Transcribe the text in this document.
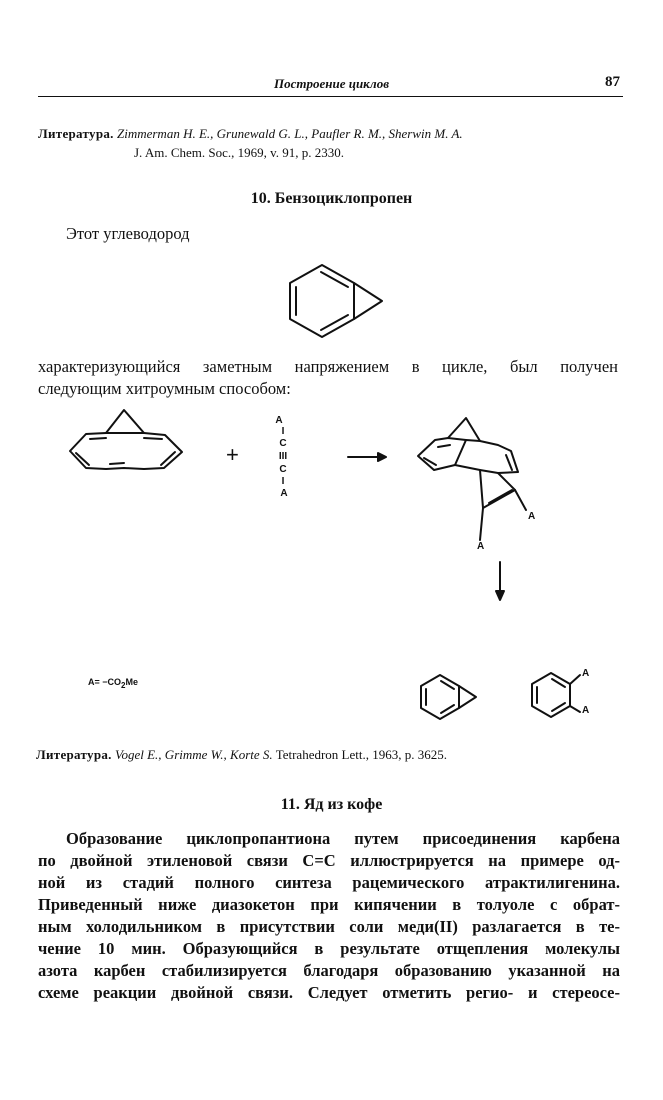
Построение циклов	87
Литература. Zimmerman H. E., Grunewald G. L., Paufler R. M., Sherwin M. A.
J. Am. Chem. Soc., 1969, v. 91, p. 2330.
10. Бензоциклопропен
Этот углеводород
характеризующийся заметным напряжением в цикле, был получен
следующим хитроумным способом:
A
I
C
III
C
I
A
A
A
A
A
+
$A= -CO_2Me$
Литература. Vogel E., Grimme W., Korte S. Tetrahedron Lett., 1963, p. 3625.
11. Яд из кофе
Образование циклопропантиона путем присоединения карбена
по двойной этиленовой связи С=С иллюстрируется на примере од-
ной из стадий полного синтеза рацемического атрактилигенина.
Приведенный ниже диазокетон при кипячении в толуоле с обрат-
ным холодильником в присутствии соли меди(II) разлагается в те-
чение 10 мин. Образующийся в результате отщепления молекулы
азота карбен стабилизируется благодаря образованию указанной на
схеме реакции двойной связи. Следует отметить регио- и стереосе-
